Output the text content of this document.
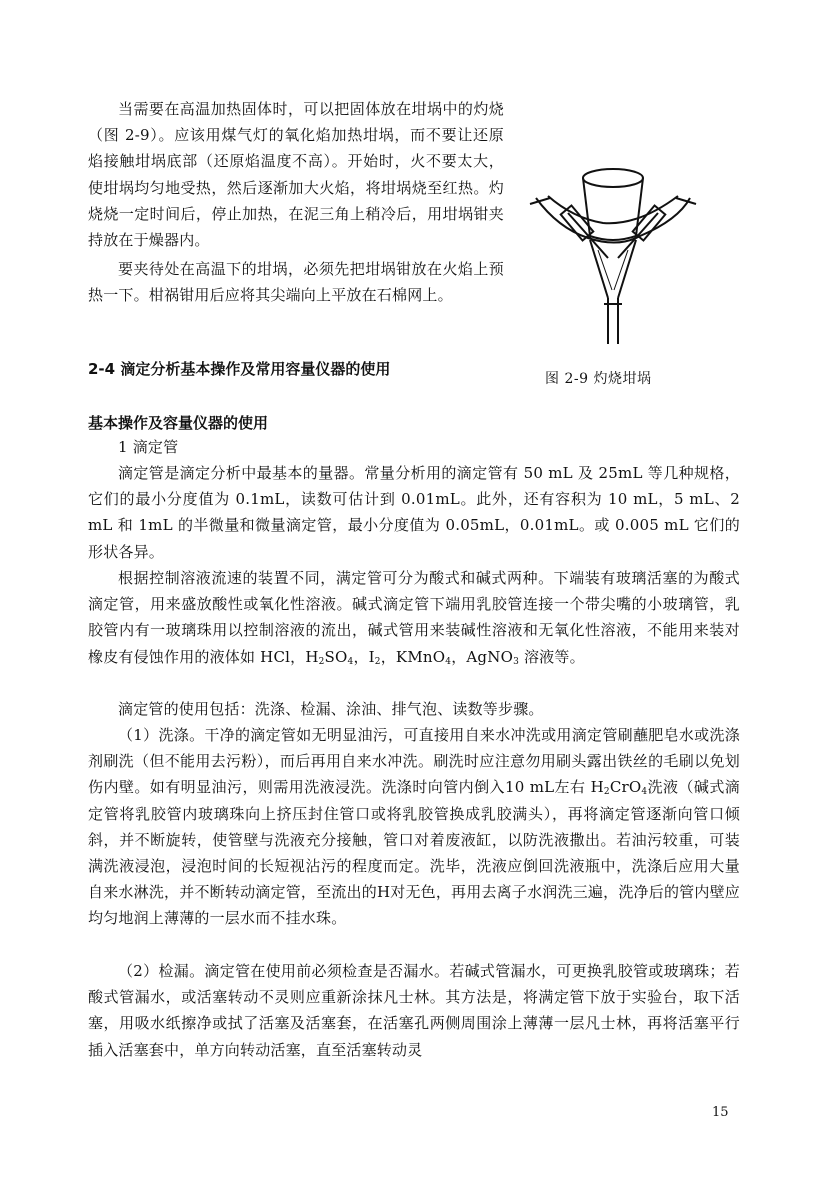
当需要在高温加热固体时，可以把固体放在坩埚中的灼烧（图 2-9）。应该用煤气灯的氧化焰加热坩埚，而不要让还原焰接触坩埚底部（还原焰温度不高）。开始时，火不要太大，使坩埚均匀地受热，然后逐渐加大火焰，将坩埚烧至红热。灼烧烧一定时间后，停止加热，在泥三角上稍冷后，用坩埚钳夹持放在于燥器内。

要夹待处在高温下的坩埚，必须先把坩埚钳放在火焰上预热一下。柑祸钳用后应将其尖端向上平放在石棉网上。

2-4 滴定分析基本操作及常用容量仪器的使用

图 2-9 灼烧坩埚

基本操作及容量仪器的使用

1 滴定管

滴定管是滴定分析中最基本的量器。常量分析用的滴定管有 50 mL 及 25mL 等几种规格，它们的最小分度值为 0.1mL，读数可估计到 0.01mL。此外，还有容积为 10 mL，5 mL、2 mL 和 1mL 的半微量和微量滴定管，最小分度值为 0.05mL，0.01mL。或 0.005 mL 它们的形状各异。

根据控制溶液流速的装置不同，满定管可分为酸式和碱式两种。下端装有玻璃活塞的为酸式滴定管，用来盛放酸性或氧化性溶液。碱式滴定管下端用乳胶管连接一个带尖嘴的小玻璃管，乳胶管内有一玻璃珠用以控制溶液的流出，碱式管用来装碱性溶液和无氧化性溶液，不能用来装对橡皮有侵蚀作用的液体如 HCl，$H_2SO_4$，$I_2$，KMnO$_4$，AgNO$_3$ 溶液等。

滴定管的使用包括：洗涤、检漏、涂油、排气泡、读数等步骤。

（1）洗涤。干净的滴定管如无明显油污，可直接用自来水冲洗或用滴定管刷蘸肥皂水或洗涤剂刷洗（但不能用去污粉），而后再用自来水冲洗。刷洗时应注意勿用刷头露出铁丝的毛刷以免划伤内壁。如有明显油污，则需用洗液浸洗。洗涤时向管内倒入10 mL左右 $H_2CrO_4$洗液（碱式滴定管将乳胶管内玻璃珠向上挤压封住管口或将乳胶管换成乳胶满头），再将滴定管逐渐向管口倾斜，并不断旋转，使管壁与洗液充分接触，管口对着废液缸，以防洗液撒出。若油污较重，可装满洗液浸泡，浸泡时间的长短视沾污的程度而定。洗毕，洗液应倒回洗液瓶中，洗涤后应用大量自来水淋洗，并不断转动滴定管，至流出的H对无色，再用去离子水润洗三遍，洗净后的管内壁应均匀地润上薄薄的一层水而不挂水珠。

（2）检漏。滴定管在使用前必须检查是否漏水。若碱式管漏水，可更换乳胶管或玻璃珠；若酸式管漏水，或活塞转动不灵则应重新涂抹凡士林。其方法是，将满定管下放于实验台，取下活塞，用吸水纸擦净或拭了活塞及活塞套，在活塞孔两侧周围涂上薄薄一层凡士林，再将活塞平行插入活塞套中，单方向转动活塞，直至活塞转动灵

15
